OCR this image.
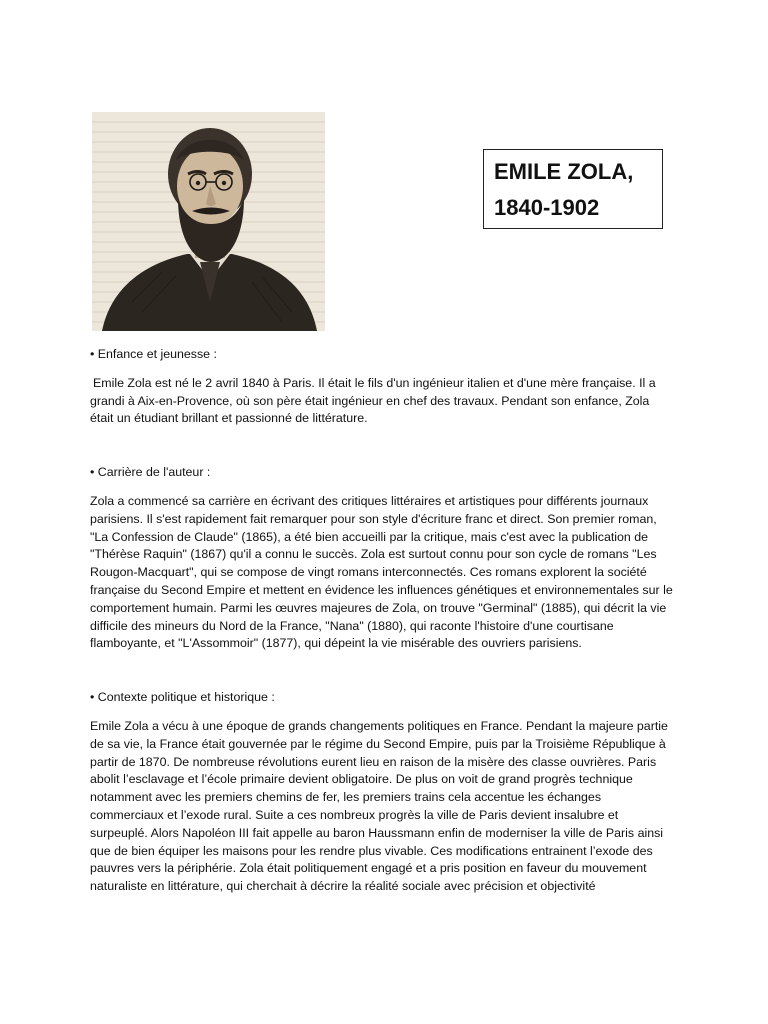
EMILE ZOLA,
1840-1902
• Enfance et jeunesse :

Emile Zola est né le 2 avril 1840 à Paris. Il était le fils d'un ingénieur italien et d'une mère française. Il a grandi à Aix-en-Provence, où son père était ingénieur en chef des travaux. Pendant son enfance, Zola était un étudiant brillant et passionné de littérature.

• Carrière de l'auteur :

Zola a commencé sa carrière en écrivant des critiques littéraires et artistiques pour différents journaux parisiens. Il s'est rapidement fait remarquer pour son style d'écriture franc et direct. Son premier roman, "La Confession de Claude" (1865), a été bien accueilli par la critique, mais c'est avec la publication de "Thérèse Raquin" (1867) qu'il a connu le succès. Zola est surtout connu pour son cycle de romans "Les Rougon-Macquart", qui se compose de vingt romans interconnectés. Ces romans explorent la société française du Second Empire et mettent en évidence les influences génétiques et environnementales sur le comportement humain. Parmi les œuvres majeures de Zola, on trouve "Germinal" (1885), qui décrit la vie difficile des mineurs du Nord de la France, "Nana" (1880), qui raconte l'histoire d'une courtisane flamboyante, et "L'Assommoir" (1877), qui dépeint la vie misérable des ouvriers parisiens.

• Contexte politique et historique :

Emile Zola a vécu à une époque de grands changements politiques en France. Pendant la majeure partie de sa vie, la France était gouvernée par le régime du Second Empire, puis par la Troisième République à partir de 1870. De nombreuse révolutions eurent lieu en raison de la misère des classe ouvrières. Paris abolit l’esclavage et l’école primaire devient obligatoire. De plus on voit de grand progrès technique notamment avec les premiers chemins de fer, les premiers trains cela accentue les échanges commerciaux et l’exode rural. Suite a ces nombreux progrès la ville de Paris devient insalubre et surpeuplé. Alors Napoléon III fait appelle au baron Haussmann enfin de moderniser la ville de Paris ainsi que de bien équiper les maisons pour les rendre plus vivable. Ces modifications entrainent l’exode des pauvres vers la périphérie. Zola était politiquement engagé et a pris position en faveur du mouvement naturaliste en littérature, qui cherchait à décrire la réalité sociale avec précision et objectivité
